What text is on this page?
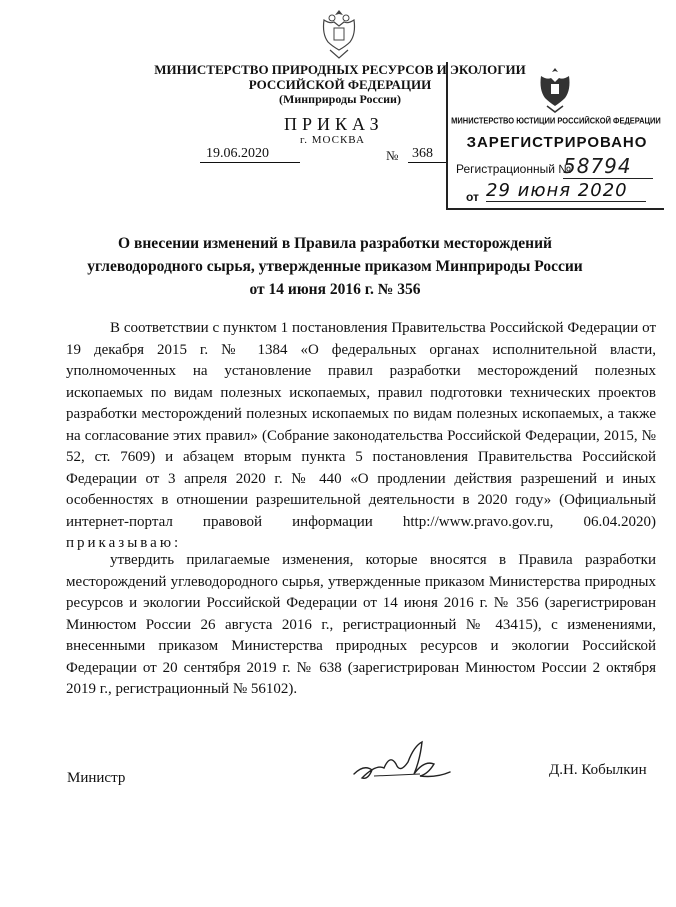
МИНИСТЕРСТВО ПРИРОДНЫХ РЕСУРСОВ И ЭКОЛОГИИ
РОССИЙСКОЙ ФЕДЕРАЦИИ
(Минприроды России)
ПРИКАЗ
г. МОСКВА
19.06.2020	№ 368
МИНИСТЕРСТВО ЮСТИЦИИ РОССИЙСКОЙ ФЕДЕРАЦИИ
ЗАРЕГИСТРИРОВАНО
Регистрационный №
58794
от 29 июня 2020
О внесении изменений в Правила разработки месторождений
углеводородного сырья, утвержденные приказом Минприроды России
от 14 июня 2016 г. № 356
В соответствии с пунктом 1 постановления Правительства Российской Федерации от 19 декабря 2015 г. № 1384 «О федеральных органах исполнительной власти, уполномоченных на установление правил разработки месторождений полезных ископаемых по видам полезных ископаемых, правил подготовки технических проектов разработки месторождений полезных ископаемых по видам полезных ископаемых, а также на согласование этих правил» (Собрание законодательства Российской Федерации, 2015, № 52, ст. 7609) и абзацем вторым пункта 5 постановления Правительства Российской Федерации от 3 апреля 2020 г. № 440 «О продлении действия разрешений и иных особенностях в отношении разрешительной деятельности в 2020 году» (Официальный интернет-портал правовой информации http://www.pravo.gov.ru, 06.04.2020) приказываю:
утвердить прилагаемые изменения, которые вносятся в Правила разработки месторождений углеводородного сырья, утвержденные приказом Министерства природных ресурсов и экологии Российской Федерации от 14 июня 2016 г. № 356 (зарегистрирован Минюстом России 26 августа 2016 г., регистрационный № 43415), с изменениями, внесенными приказом Министерства природных ресурсов и экологии Российской Федерации от 20 сентября 2019 г. № 638 (зарегистрирован Минюстом России 2 октября 2019 г., регистрационный № 56102).
Министр	Д.Н. Кобылкин
